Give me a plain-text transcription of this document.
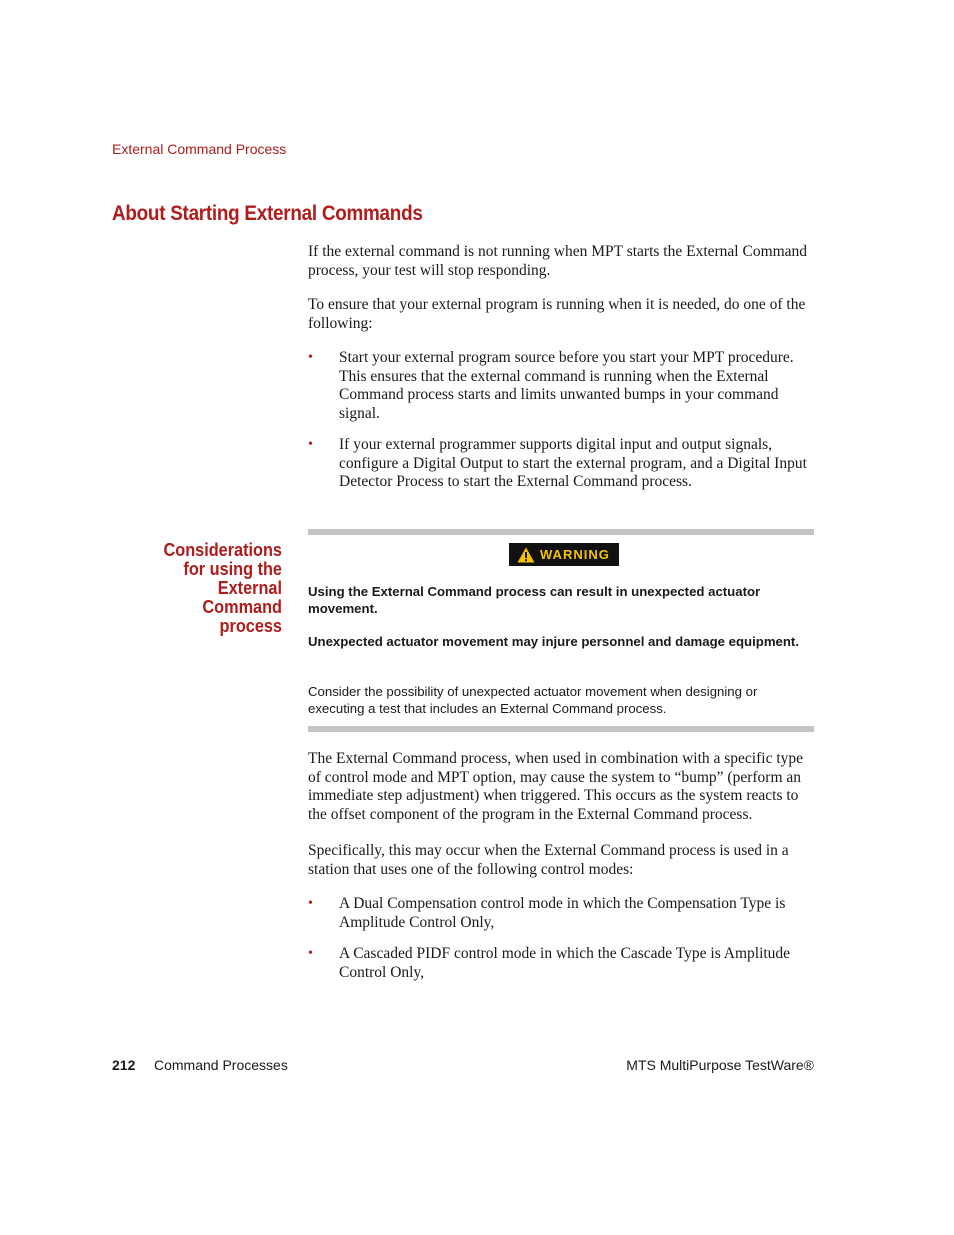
External Command Process
About Starting External Commands
If the external command is not running when MPT starts the External Command process, your test will stop responding.
To ensure that your external program is running when it is needed, do one of the following:
• Start your external program source before you start your MPT procedure. This ensures that the external command is running when the External Command process starts and limits unwanted bumps in your command signal.
• If your external programmer supports digital input and output signals, configure a Digital Output to start the external program, and a Digital Input Detector Process to start the External Command process.
Considerations for using the External Command process
WARNING
Using the External Command process can result in unexpected actuator movement.
Unexpected actuator movement may injure personnel and damage equipment.
Consider the possibility of unexpected actuator movement when designing or executing a test that includes an External Command process.
The External Command process, when used in combination with a specific type of control mode and MPT option, may cause the system to “bump” (perform an immediate step adjustment) when triggered. This occurs as the system reacts to the offset component of the program in the External Command process.
Specifically, this may occur when the External Command process is used in a station that uses one of the following control modes:
• A Dual Compensation control mode in which the Compensation Type is Amplitude Control Only,
• A Cascaded PIDF control mode in which the Cascade Type is Amplitude Control Only,
212 Command Processes	MTS MultiPurpose TestWare®
